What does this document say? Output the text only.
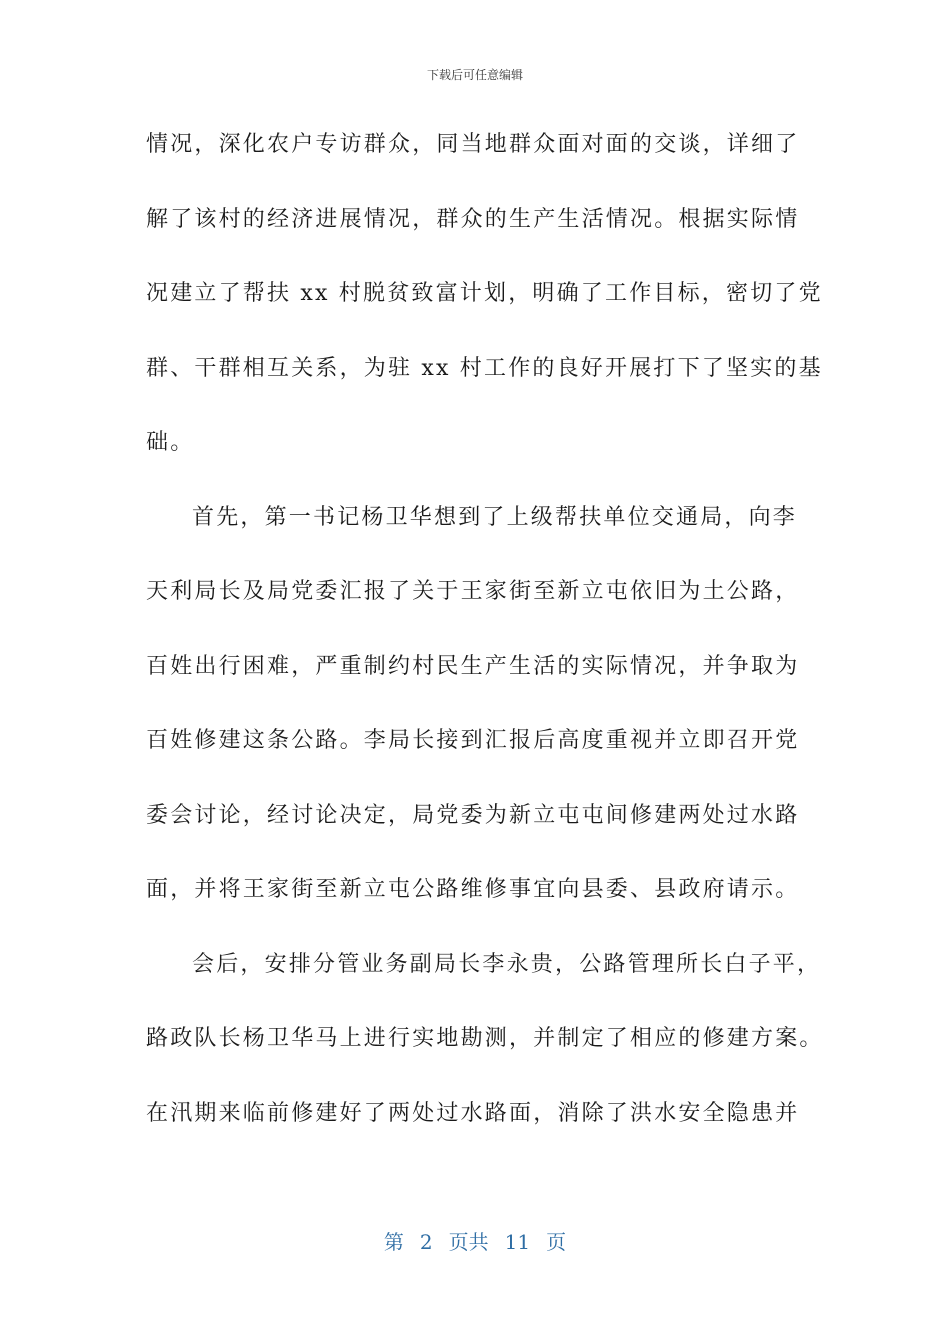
下载后可任意编辑
情况，深化农户专访群众，同当地群众面对面的交谈，详细了
解了该村的经济进展情况，群众的生产生活情况。根据实际情
况建立了帮扶 xx 村脱贫致富计划，明确了工作目标，密切了党
群、干群相互关系，为驻 xx 村工作的良好开展打下了坚实的基
础。
首先，第一书记杨卫华想到了上级帮扶单位交通局，向李
天利局长及局党委汇报了关于王家街至新立屯依旧为土公路，
百姓出行困难，严重制约村民生产生活的实际情况，并争取为
百姓修建这条公路。李局长接到汇报后高度重视并立即召开党
委会讨论，经讨论决定，局党委为新立屯屯间修建两处过水路
面，并将王家街至新立屯公路维修事宜向县委、县政府请示。
会后，安排分管业务副局长李永贵，公路管理所长白子平，
路政队长杨卫华马上进行实地勘测，并制定了相应的修建方案。
在汛期来临前修建好了两处过水路面，消除了洪水安全隐患并
第 2 页共 11 页
